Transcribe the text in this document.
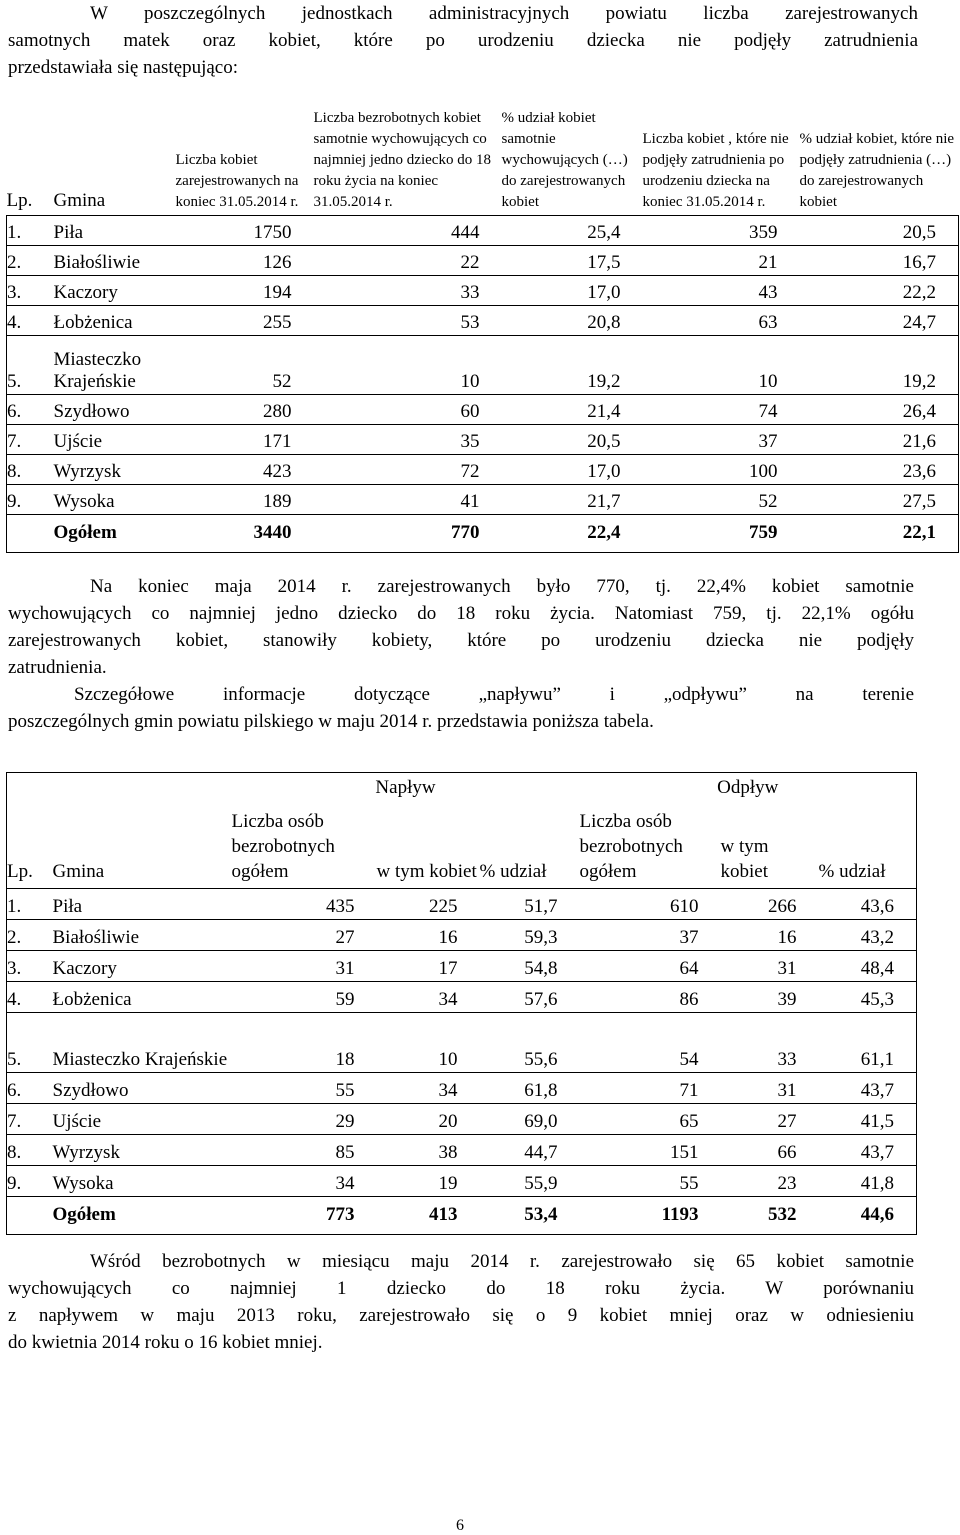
W poszczególnych jednostkach administracyjnych powiatu liczba zarejestrowanych

samotnych matek oraz kobiet, które po urodzeniu dziecka nie podjęły zatrudnienia

przedstawiała się następująco:

Lp.	Gmina	Liczba kobiet zarejestrowanych na koniec 31.05.2014 r.	Liczba bezrobotnych kobiet samotnie wychowujących co najmniej jedno dziecko do 18 roku życia na koniec 31.05.2014 r.	% udział kobiet samotnie wychowujących (…) do zarejestrowanych kobiet	Liczba kobiet , które nie podjęły zatrudnienia po urodzeniu dziecka na koniec 31.05.2014 r.	% udział kobiet, które nie podjęły zatrudnienia (…) do zarejestrowanych kobiet
1.	Piła	1750	444	25,4	359	20,5
2.	Białośliwie	126	22	17,5	21	16,7
3.	Kaczory	194	33	17,0	43	22,2
4.	Łobżenica	255	53	20,8	63	24,7
5.	Miasteczko Krajeńskie	52	10	19,2	10	19,2
6.	Szydłowo	280	60	21,4	74	26,4
7.	Ujście	171	35	20,5	37	21,6
8.	Wyrzysk	423	72	17,0	100	23,6
9.	Wysoka	189	41	21,7	52	27,5
	Ogółem	3440	770	22,4	759	22,1

Na koniec maja 2014 r. zarejestrowanych było 770, tj. 22,4% kobiet samotnie

wychowujących co najmniej jedno dziecko do 18 roku życia. Natomiast 759, tj. 22,1% ogółu

zarejestrowanych kobiet, stanowiły kobiety, które po urodzeniu dziecka nie podjęły

zatrudnienia.

Szczegółowe informacje dotyczące „napływu” i „odpływu” na terenie

poszczególnych gmin powiatu pilskiego w maju 2014 r. przedstawia poniższa tabela.

		Napływ			Odpływ		
Lp.	Gmina	Liczba osób bezrobotnych ogółem	w tym kobiet	% udział	Liczba osób bezrobotnych ogółem	w tym kobiet	% udział
1.	Piła	435	225	51,7	610	266	43,6
2.	Białośliwie	27	16	59,3	37	16	43,2
3.	Kaczory	31	17	54,8	64	31	48,4
4.	Łobżenica	59	34	57,6	86	39	45,3
5.	Miasteczko Krajeńskie	18	10	55,6	54	33	61,1
6.	Szydłowo	55	34	61,8	71	31	43,7
7.	Ujście	29	20	69,0	65	27	41,5
8.	Wyrzysk	85	38	44,7	151	66	43,7
9.	Wysoka	34	19	55,9	55	23	41,8
	Ogółem	773	413	53,4	1193	532	44,6

Wśród bezrobotnych w miesiącu maju 2014 r. zarejestrowało się 65 kobiet samotnie

wychowujących co najmniej 1 dziecko do 18 roku życia. W porównaniu

z napływem w maju 2013 roku, zarejestrowało się o 9 kobiet mniej oraz w odniesieniu

do kwietnia 2014 roku o 16 kobiet mniej.

6
